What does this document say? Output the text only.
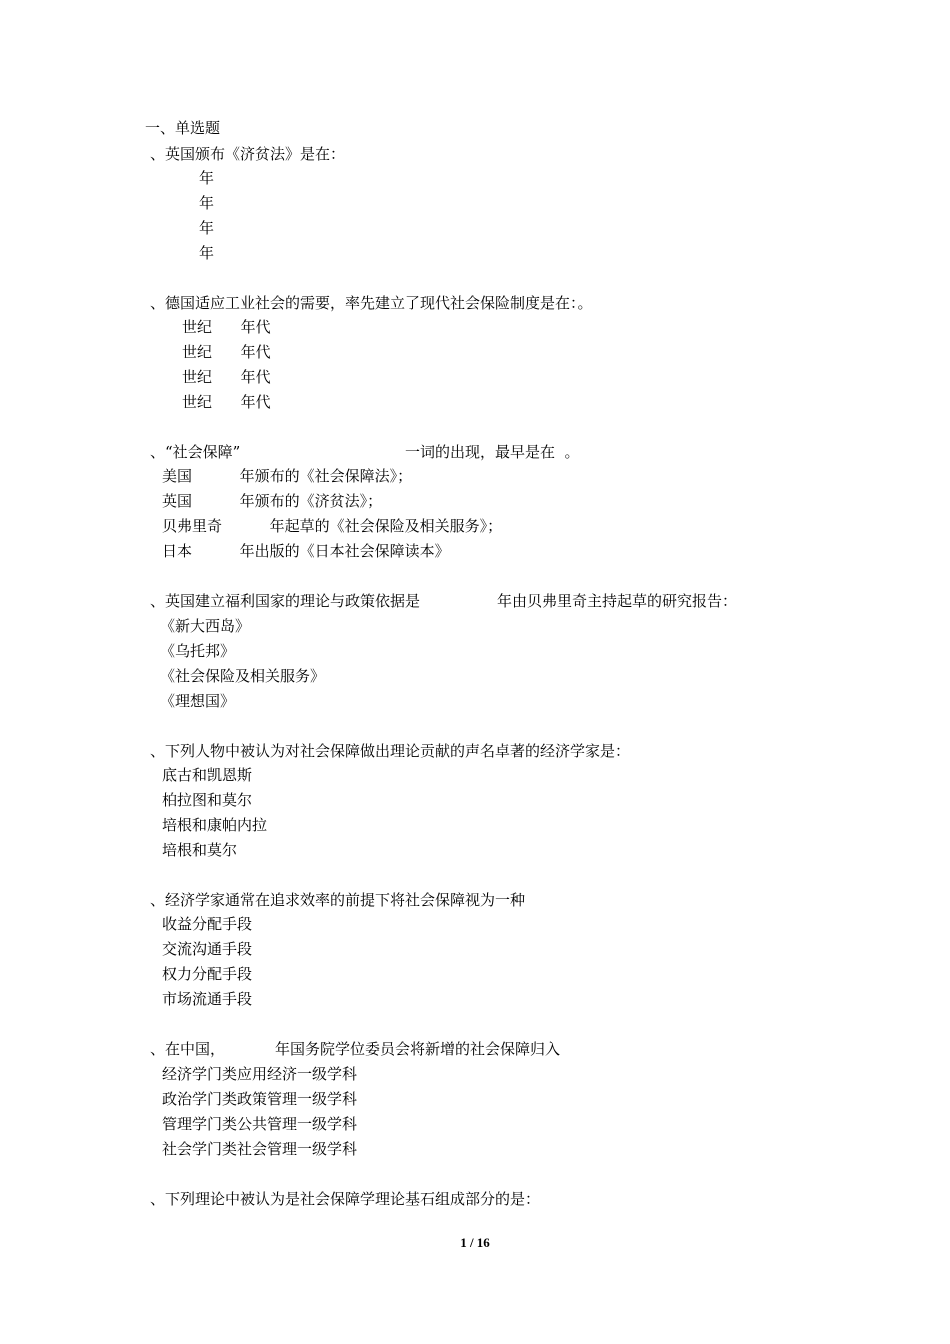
一、单选题
、英国颁布《济贫法》是在：
年
年
年
年
、德国适应工业社会的需要，率先建立了现代社会保险制度是在：。
世纪      年代
世纪      年代
世纪      年代
世纪      年代
、“社会保障”	一词的出现，最早是在  。
美国          年颁布的《社会保障法》；
英国          年颁布的《济贫法》；
贝弗里奇          年起草的《社会保险及相关服务》；
日本          年出版的《日本社会保障读本》
、英国建立福利国家的理论与政策依据是	年由贝弗里奇主持起草的研究报告：
《新大西岛》
《乌托邦》
《社会保险及相关服务》
《理想国》
、下列人物中被认为对社会保障做出理论贡献的声名卓著的经济学家是：
底古和凯恩斯
柏拉图和莫尔
培根和康帕内拉
培根和莫尔
、经济学家通常在追求效率的前提下将社会保障视为一种
收益分配手段
交流沟通手段
权力分配手段
市场流通手段
、在中国，	年国务院学位委员会将新增的社会保障归入
经济学门类应用经济一级学科
政治学门类政策管理一级学科
管理学门类公共管理一级学科
社会学门类社会管理一级学科
、下列理论中被认为是社会保障学理论基石组成部分的是：
1 / 16
